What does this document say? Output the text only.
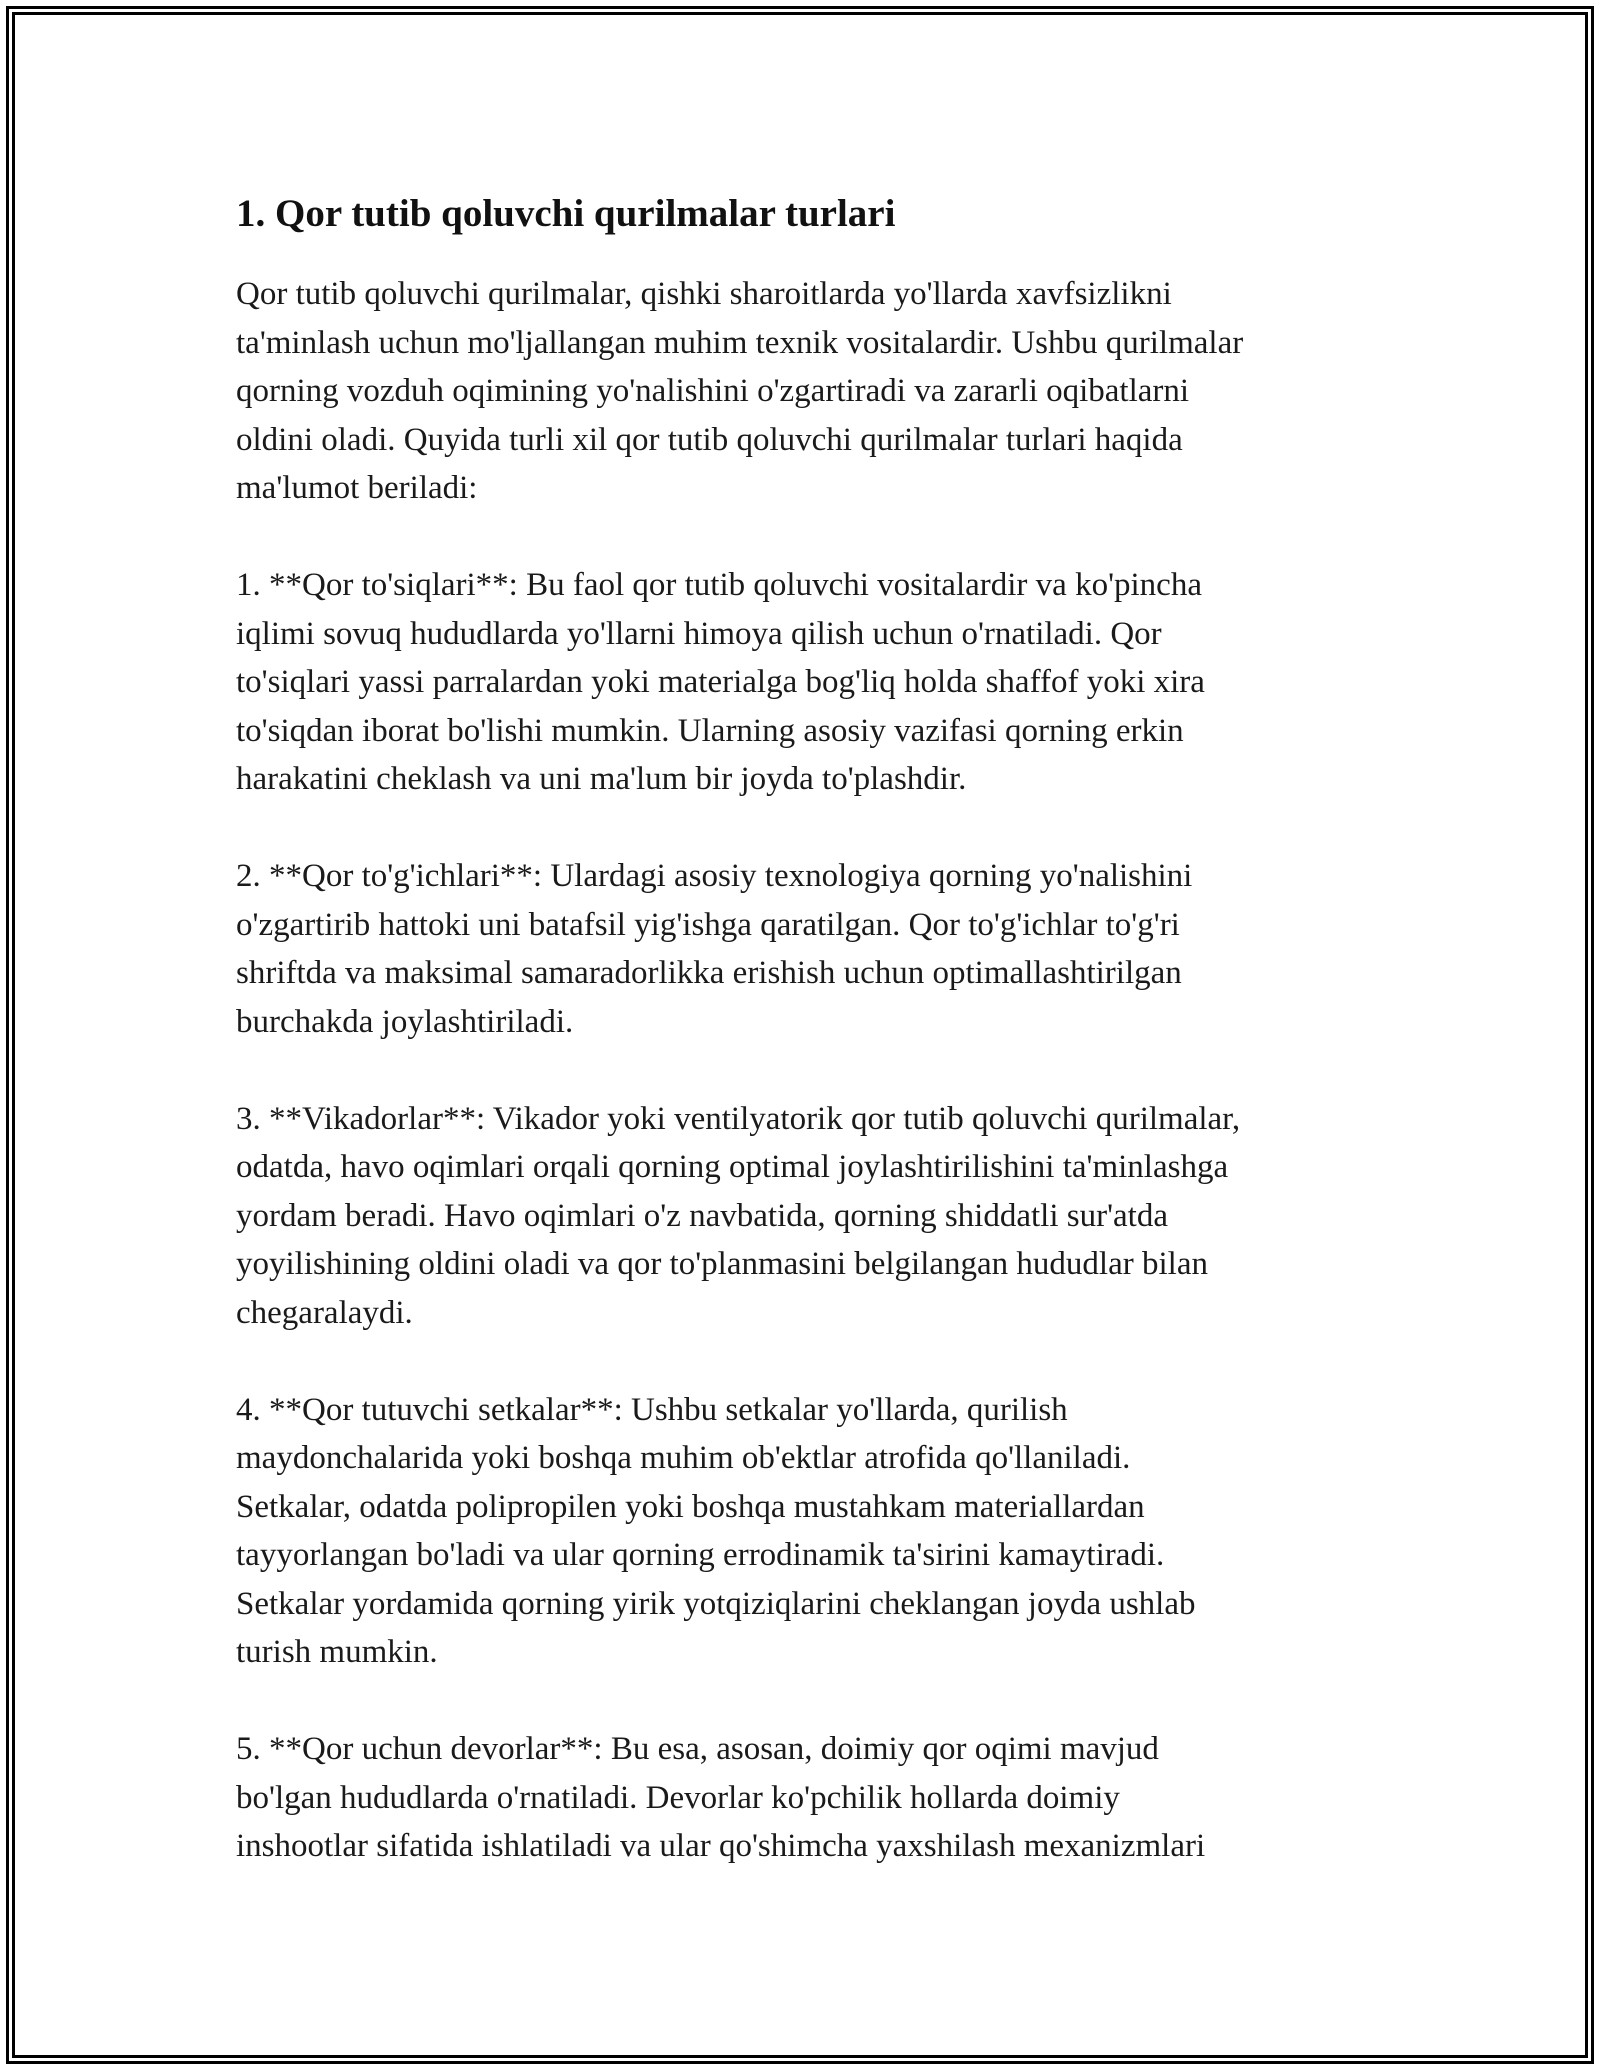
1. Qor tutib qoluvchi qurilmalar turlari

Qor tutib qoluvchi qurilmalar, qishki sharoitlarda yo'llarda xavfsizlikni
ta'minlash uchun mo'ljallangan muhim texnik vositalardir. Ushbu qurilmalar
qorning vozduh oqimining yo'nalishini o'zgartiradi va zararli oqibatlarni
oldini oladi. Quyida turli xil qor tutib qoluvchi qurilmalar turlari haqida
ma'lumot beriladi:

1. **Qor to'siqlari**: Bu faol qor tutib qoluvchi vositalardir va ko'pincha
iqlimi sovuq hududlarda yo'llarni himoya qilish uchun o'rnatiladi. Qor
to'siqlari yassi parralardan yoki materialga bog'liq holda shaffof yoki xira
to'siqdan iborat bo'lishi mumkin. Ularning asosiy vazifasi qorning erkin
harakatini cheklash va uni ma'lum bir joyda to'plashdir.

2. **Qor to'g'ichlari**: Ulardagi asosiy texnologiya qorning yo'nalishini
o'zgartirib hattoki uni batafsil yig'ishga qaratilgan. Qor to'g'ichlar to'g'ri
shriftda va maksimal samaradorlikka erishish uchun optimallashtirilgan
burchakda joylashtiriladi.

3. **Vikadorlar**: Vikador yoki ventilyatorik qor tutib qoluvchi qurilmalar,
odatda, havo oqimlari orqali qorning optimal joylashtirilishini ta'minlashga
yordam beradi. Havo oqimlari o'z navbatida, qorning shiddatli sur'atda
yoyilishining oldini oladi va qor to'planmasini belgilangan hududlar bilan
chegaralaydi.

4. **Qor tutuvchi setkalar**: Ushbu setkalar yo'llarda, qurilish
maydonchalarida yoki boshqa muhim ob'ektlar atrofida qo'llaniladi.
Setkalar, odatda polipropilen yoki boshqa mustahkam materiallardan
tayyorlangan bo'ladi va ular qorning errodinamik ta'sirini kamaytiradi.
Setkalar yordamida qorning yirik yotqiziqlarini cheklangan joyda ushlab
turish mumkin.

5. **Qor uchun devorlar**: Bu esa, asosan, doimiy qor oqimi mavjud
bo'lgan hududlarda o'rnatiladi. Devorlar ko'pchilik hollarda doimiy
inshootlar sifatida ishlatiladi va ular qo'shimcha yaxshilash mexanizmlari
